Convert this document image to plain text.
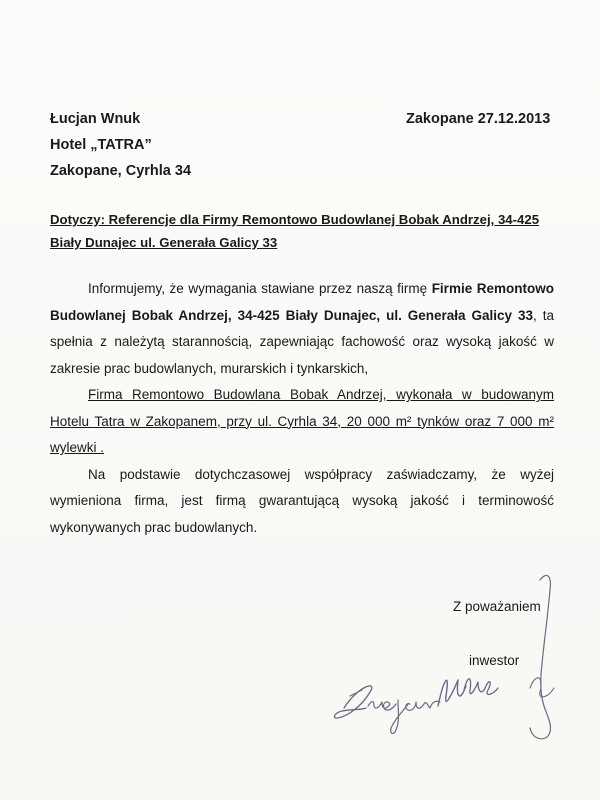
Łucjan Wnuk
Hotel „TATRA”
Zakopane, Cyrhla 34
Zakopane 27.12.2013
Dotyczy: Referencje dla Firmy Remontowo Budowlanej Bobak Andrzej, 34-425
Biały Dunajec ul. Generała Galicy 33

Informujemy, że wymagania stawiane przez naszą firmę Firmie Remontowo Budowlanej Bobak Andrzej, 34-425 Biały Dunajec, ul. Generała Galicy 33, ta spełnia z należytą starannością, zapewniając fachowość oraz wysoką jakość w zakresie prac budowlanych, murarskich i tynkarskich,

Firma Remontowo Budowlana Bobak Andrzej, wykonała w budowanym Hotelu Tatra w Zakopanem, przy ul. Cyrhla 34, 20 000 m² tynków oraz 7 000 m² wylewki .

Na podstawie dotychczasowej współpracy zaświadczamy, że wyżej wymieniona firma, jest firmą gwarantującą wysoką jakość i terminowość wykonywanych prac budowlanych.

Z poważaniem
inwestor
